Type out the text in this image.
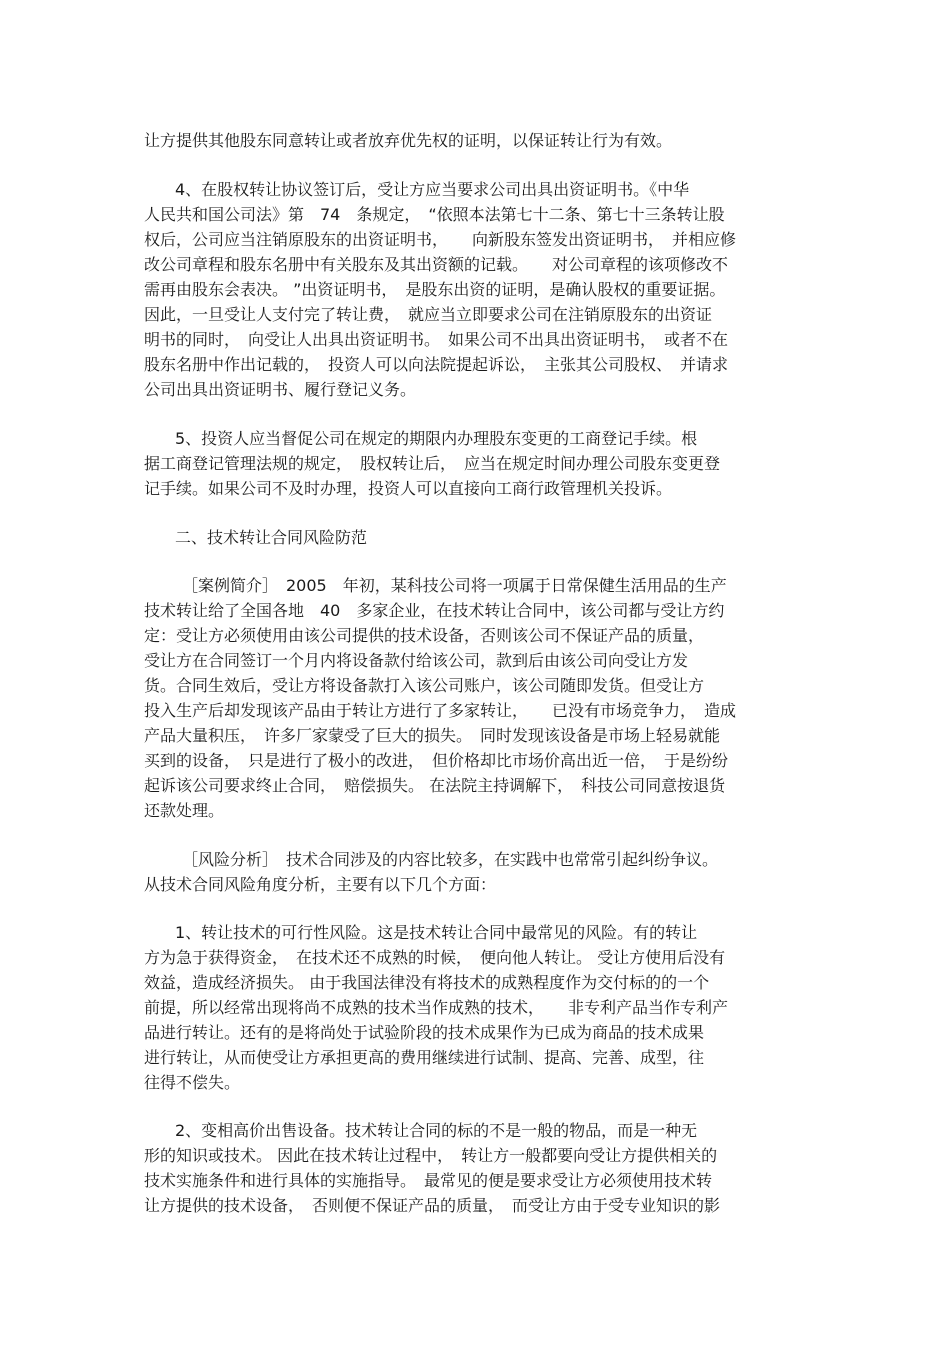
让方提供其他股东同意转让或者放弃优先权的证明，以保证转让行为有效。

4、在股权转让协议签订后，受让方应当要求公司出具出资证明书。《中华

人民共和国公司法》第　74　条规定，　“依照本法第七十二条、第七十三条转让股

权后，公司应当注销原股东的出资证明书，　　向新股东签发出资证明书，　并相应修

改公司章程和股东名册中有关股东及其出资额的记载。　　对公司章程的该项修改不

需再由股东会表决。 ”出资证明书，　是股东出资的证明，是确认股权的重要证据。

因此，一旦受让人支付完了转让费，　就应当立即要求公司在注销原股东的出资证

明书的同时，　向受让人出具出资证明书。　如果公司不出具出资证明书，　或者不在

股东名册中作出记载的，　投资人可以向法院提起诉讼，　主张其公司股权、　并请求

公司出具出资证明书、履行登记义务。

5、投资人应当督促公司在规定的期限内办理股东变更的工商登记手续。根

据工商登记管理法规的规定，　股权转让后，　应当在规定时间办理公司股东变更登

记手续。如果公司不及时办理，投资人可以直接向工商行政管理机关投诉。

二、技术转让合同风险防范

［案例简介］　2005　年初，某科技公司将一项属于日常保健生活用品的生产

技术转让给了全国各地　40　多家企业，在技术转让合同中，该公司都与受让方约

定：受让方必须使用由该公司提供的技术设备，否则该公司不保证产品的质量，

受让方在合同签订一个月内将设备款付给该公司，款到后由该公司向受让方发

货。合同生效后，受让方将设备款打入该公司账户，该公司随即发货。但受让方

投入生产后却发现该产品由于转让方进行了多家转让，　　已没有市场竞争力，　造成

产品大量积压，　许多厂家蒙受了巨大的损失。　同时发现该设备是市场上轻易就能

买到的设备，　只是进行了极小的改进，　但价格却比市场价高出近一倍，　于是纷纷

起诉该公司要求终止合同，　赔偿损失。 在法院主持调解下，　科技公司同意按退货

还款处理。

［风险分析］　技术合同涉及的内容比较多，在实践中也常常引起纠纷争议。

从技术合同风险角度分析，主要有以下几个方面：

1、转让技术的可行性风险。这是技术转让合同中最常见的风险。有的转让

方为急于获得资金，　在技术还不成熟的时候，　便向他人转让。 受让方使用后没有

效益，造成经济损失。 由于我国法律没有将技术的成熟程度作为交付标的的一个

前提，所以经常出现将尚不成熟的技术当作成熟的技术，　　非专利产品当作专利产

品进行转让。还有的是将尚处于试验阶段的技术成果作为已成为商品的技术成果

进行转让，从而使受让方承担更高的费用继续进行试制、提高、完善、成型，往

往得不偿失。

2、变相高价出售设备。技术转让合同的标的不是一般的物品，而是一种无

形的知识或技术。 因此在技术转让过程中，　转让方一般都要向受让方提供相关的

技术实施条件和进行具体的实施指导。　最常见的便是要求受让方必须使用技术转

让方提供的技术设备，　否则便不保证产品的质量，　而受让方由于受专业知识的影
